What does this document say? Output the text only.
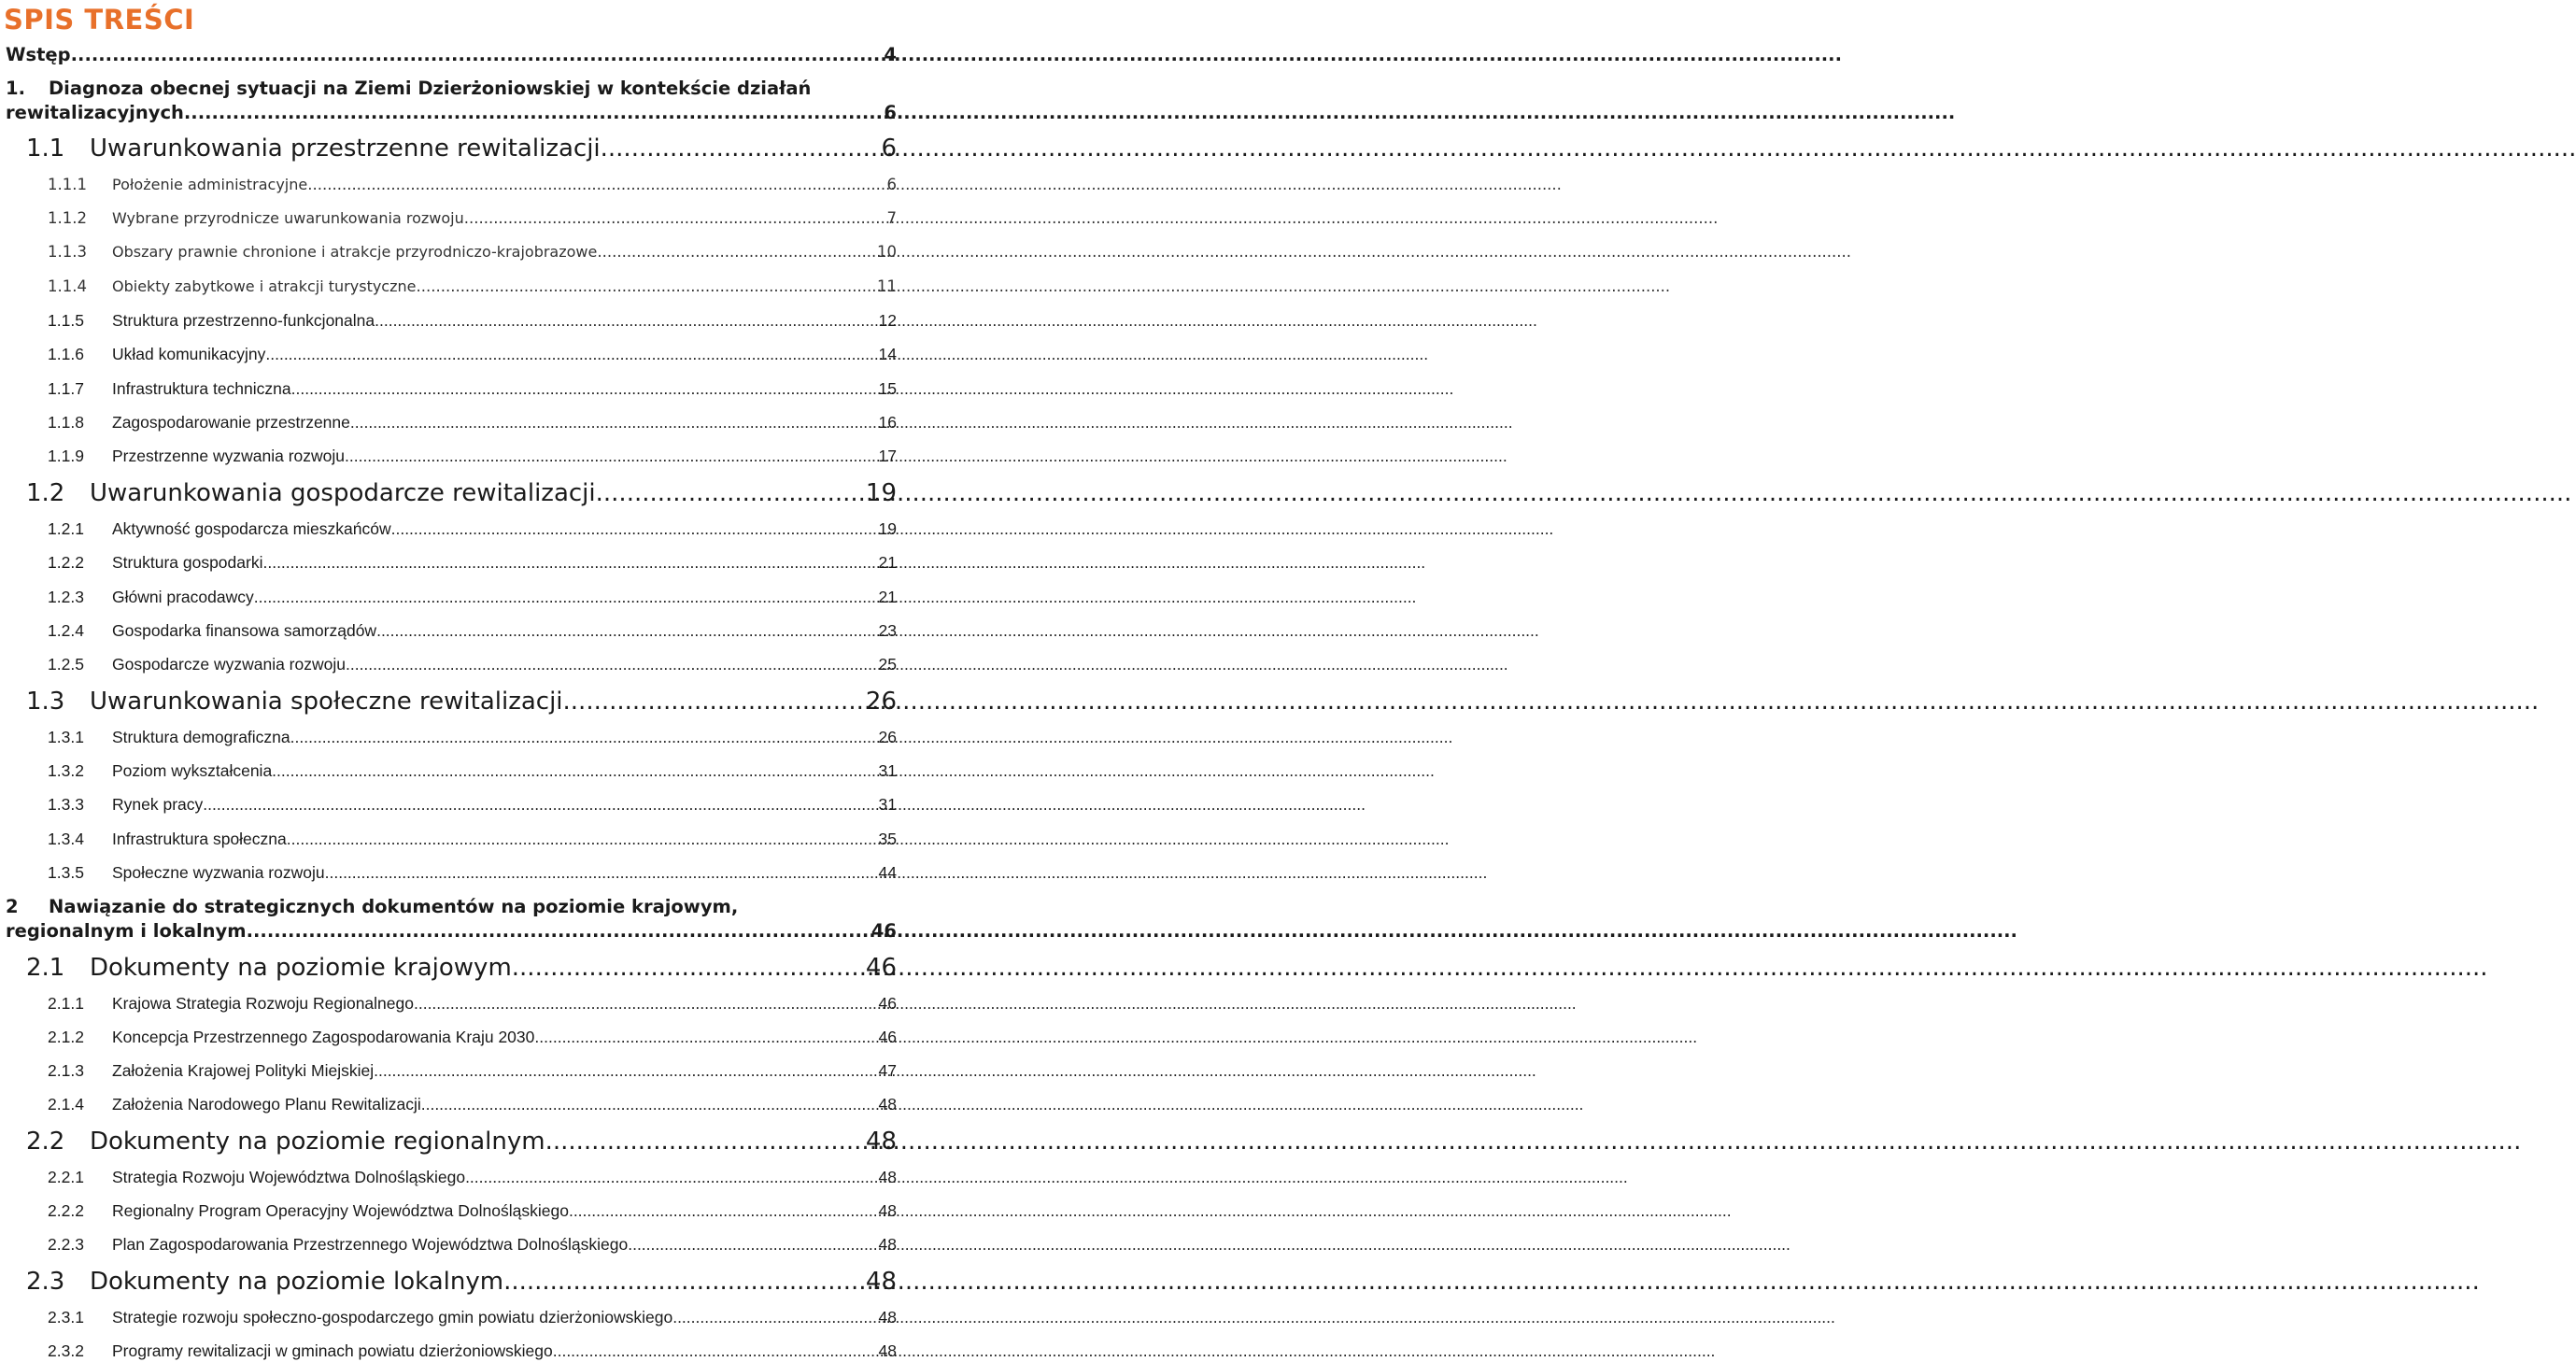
SPIS TREŚCI
Wstęp .....	4
1.	Diagnoza obecnej sytuacji na Ziemi Dzierżoniowskiej w kontekście działań
rewitalizacyjnych .....	6
1.1	Uwarunkowania przestrzenne rewitalizacji .....	6
1.1.1	Położenie administracyjne .....	6
1.1.2	Wybrane przyrodnicze uwarunkowania rozwoju .....	7
1.1.3	Obszary prawnie chronione i atrakcje przyrodniczo-krajobrazowe .....	10
1.1.4	Obiekty zabytkowe i atrakcji turystyczne .....	11
1.1.5	Struktura przestrzenno-funkcjonalna .....	12
1.1.6	Układ komunikacyjny .....	14
1.1.7	Infrastruktura techniczna .....	15
1.1.8	Zagospodarowanie przestrzenne .....	16
1.1.9	Przestrzenne wyzwania rozwoju .....	17
1.2	Uwarunkowania gospodarcze rewitalizacji .....	19
1.2.1	Aktywność gospodarcza mieszkańców .....	19
1.2.2	Struktura gospodarki .....	21
1.2.3	Główni pracodawcy .....	21
1.2.4	Gospodarka finansowa samorządów .....	23
1.2.5	Gospodarcze wyzwania rozwoju .....	25
1.3	Uwarunkowania społeczne rewitalizacji .....	26
1.3.1	Struktura demograficzna .....	26
1.3.2	Poziom wykształcenia .....	31
1.3.3	Rynek pracy .....	31
1.3.4	Infrastruktura społeczna .....	35
1.3.5	Społeczne wyzwania rozwoju .....	44
2	Nawiązanie do strategicznych dokumentów na poziomie krajowym,
regionalnym i lokalnym .....	46
2.1	Dokumenty na poziomie krajowym .....	46
2.1.1	Krajowa Strategia Rozwoju Regionalnego .....	46
2.1.2	Koncepcja Przestrzennego Zagospodarowania Kraju 2030 .....	46
2.1.3	Założenia Krajowej Polityki Miejskiej .....	47
2.1.4	Założenia Narodowego Planu Rewitalizacji .....	48
2.2	Dokumenty na poziomie regionalnym .....	48
2.2.1	Strategia Rozwoju Województwa Dolnośląskiego .....	48
2.2.2	Regionalny Program Operacyjny Województwa Dolnośląskiego .....	48
2.2.3	Plan Zagospodarowania Przestrzennego Województwa Dolnośląskiego .....	48
2.3	Dokumenty na poziomie lokalnym .....	48
2.3.1	Strategie rozwoju społeczno-gospodarczego gmin powiatu dzierżoniowskiego .....	48
2.3.2	Programy rewitalizacji w gminach powiatu dzierżoniowskiego .....	48
